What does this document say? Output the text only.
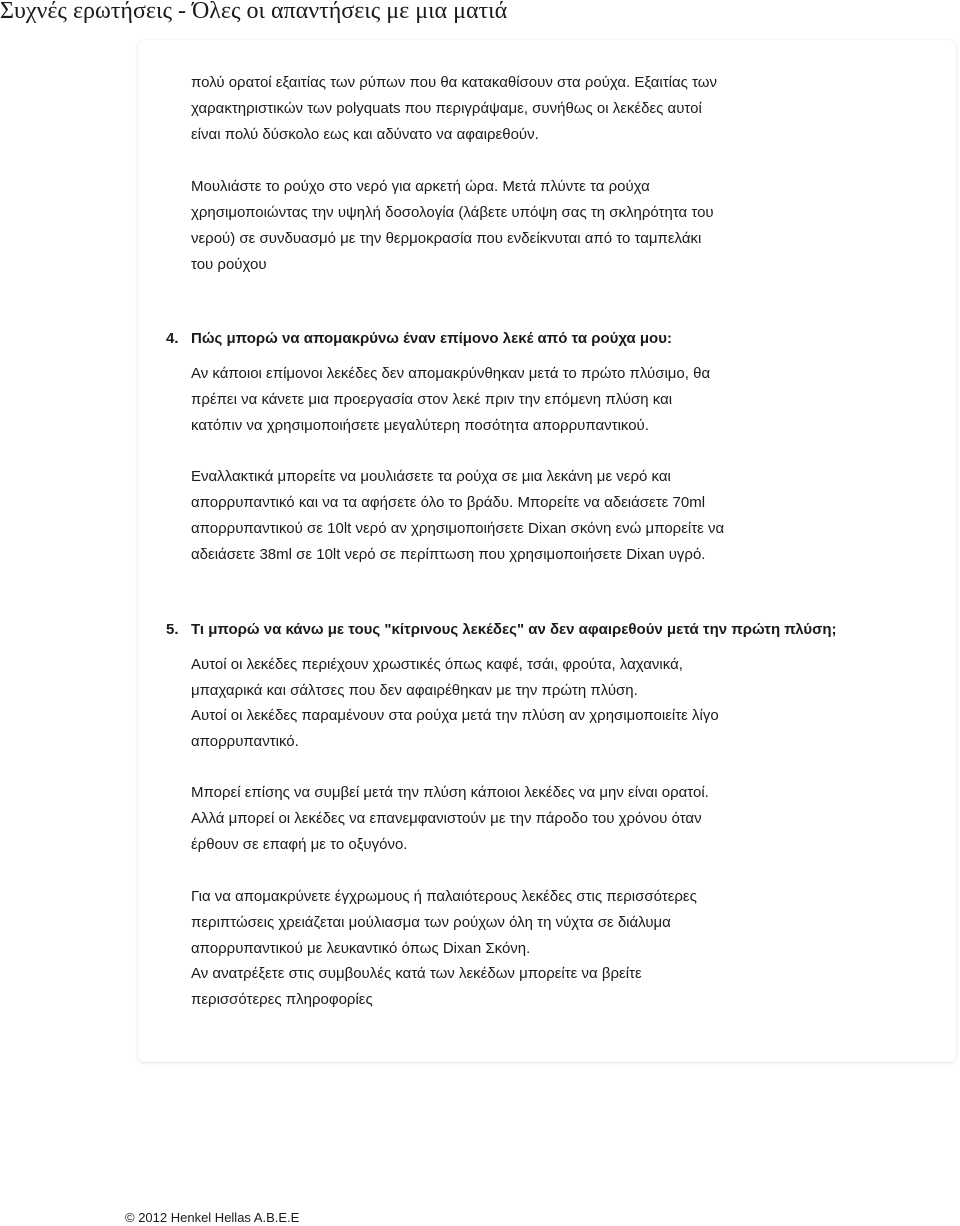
Συχνές ερωτήσεις - Όλες οι απαντήσεις με μια ματιά

πολύ ορατοί εξαιτίας των ρύπων που θα κατακαθίσουν στα ρούχα. Εξαιτίας των

χαρακτηριστικών των polyquats που περιγράψαμε, συνήθως οι λεκέδες αυτοί

είναι πολύ δύσκολο εως και αδύνατο να αφαιρεθούν.

Μουλιάστε το ρούχο στο νερό για αρκετή ώρα. Μετά πλύντε τα ρούχα

χρησιμοποιώντας την υψηλή δοσολογία (λάβετε υπόψη σας τη σκληρότητα του

νερού) σε συνδυασμό με την θερμοκρασία που ενδείκνυται από το ταμπελάκι

του ρούχου

4. Πώς μπορώ να απομακρύνω έναν επίμονο λεκέ από τα ρούχα μου:

Αν κάποιοι επίμονοι λεκέδες δεν απομακρύνθηκαν μετά το πρώτο πλύσιμο, θα

πρέπει να κάνετε μια προεργασία στον λεκέ πριν την επόμενη πλύση και

κατόπιν να χρησιμοποιήσετε μεγαλύτερη ποσότητα απορρυπαντικού.

Εναλλακτικά μπορείτε να μουλιάσετε τα ρούχα σε μια λεκάνη με νερό και

απορρυπαντικό και να τα αφήσετε όλο το βράδυ. Μπορείτε να αδειάσετε 70ml

απορρυπαντικού σε 10lt νερό αν χρησιμοποιήσετε Dixan σκόνη ενώ μπορείτε να

αδειάσετε 38ml σε 10lt νερό σε περίπτωση που χρησιμοποιήσετε Dixan υγρό.

5. Τι μπορώ να κάνω με τους "κίτρινους λεκέδες" αν δεν αφαιρεθούν μετά την πρώτη πλύση;

Αυτοί οι λεκέδες περιέχουν χρωστικές όπως καφέ, τσάι, φρούτα, λαχανικά,

μπαχαρικά και σάλτσες που δεν αφαιρέθηκαν με την πρώτη πλύση.

Αυτοί οι λεκέδες παραμένουν στα ρούχα μετά την πλύση αν χρησιμοποιείτε λίγο

απορρυπαντικό.

Μπορεί επίσης να συμβεί μετά την πλύση κάποιοι λεκέδες να μην είναι ορατοί.

Αλλά μπορεί οι λεκέδες να επανεμφανιστούν με την πάροδο του χρόνου όταν

έρθουν σε επαφή με το οξυγόνο.

Για να απομακρύνετε έγχρωμους ή παλαιότερους λεκέδες στις περισσότερες

περιπτώσεις χρειάζεται μούλιασμα των ρούχων όλη τη νύχτα σε διάλυμα

απορρυπαντικού με λευκαντικό όπως Dixan Σκόνη.

Αν ανατρέξετε στις συμβουλές κατά των λεκέδων μπορείτε να βρείτε

περισσότερες πληροφορίες

© 2012 Henkel Hellas A.B.E.E
